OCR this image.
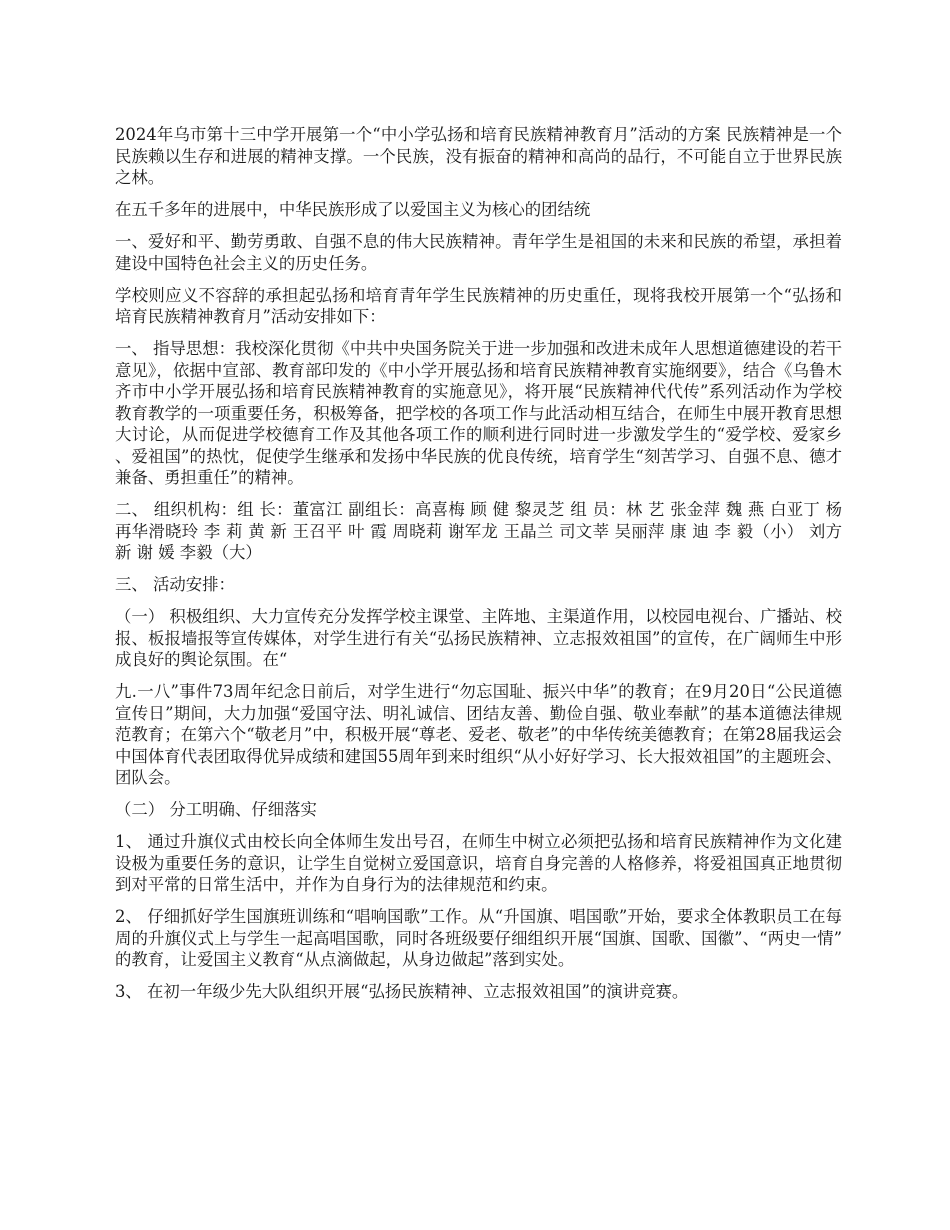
2024年乌市第十三中学开展第一个“中小学弘扬和培育民族精神教育月”活动的方案 民族精神是一个民族赖以生存和进展的精神支撑。一个民族，没有振奋的精神和高尚的品行，不可能自立于世界民族之林。

在五千多年的进展中，中华民族形成了以爱国主义为核心的团结统

一、爱好和平、勤劳勇敢、自强不息的伟大民族精神。青年学生是祖国的未来和民族的希望，承担着建设中国特色社会主义的历史任务。

学校则应义不容辞的承担起弘扬和培育青年学生民族精神的历史重任，现将我校开展第一个“弘扬和培育民族精神教育月”活动安排如下：

一、 指导思想：我校深化贯彻《中共中央国务院关于进一步加强和改进未成年人思想道德建设的若干意见》，依据中宣部、教育部印发的《中小学开展弘扬和培育民族精神教育实施纲要》，结合《乌鲁木齐市中小学开展弘扬和培育民族精神教育的实施意见》，将开展“民族精神代代传”系列活动作为学校教育教学的一项重要任务，积极筹备，把学校的各项工作与此活动相互结合，在师生中展开教育思想大讨论，从而促进学校德育工作及其他各项工作的顺利进行同时进一步激发学生的“爱学校、爱家乡、爱祖国”的热忱，促使学生继承和发扬中华民族的优良传统，培育学生“刻苦学习、自强不息、德才兼备、勇担重任”的精神。

二、 组织机构：组 长：董富江 副组长：高喜梅 顾 健 黎灵芝 组 员：林 艺 张金萍 魏 燕 白亚丁 杨再华滑晓玲 李 莉 黄 新 王召平 叶 霞 周晓莉 谢军龙 王晶兰 司文莘 吴丽萍 康 迪 李 毅（小） 刘方新 谢 媛 李毅（大）

三、 活动安排：

（一） 积极组织、大力宣传充分发挥学校主课堂、主阵地、主渠道作用，以校园电视台、广播站、校报、板报墙报等宣传媒体，对学生进行有关“弘扬民族精神、立志报效祖国”的宣传，在广阔师生中形成良好的舆论氛围。在“

九.一八”事件73周年纪念日前后，对学生进行“勿忘国耻、振兴中华”的教育；在9月20日“公民道德宣传日”期间，大力加强“爱国守法、明礼诚信、团结友善、勤俭自强、敬业奉献”的基本道德法律规范教育；在第六个“敬老月”中，积极开展“尊老、爱老、敬老”的中华传统美德教育；在第28届我运会中国体育代表团取得优异成绩和建国55周年到来时组织“从小好好学习、长大报效祖国”的主题班会、团队会。

（二） 分工明确、仔细落实

1、 通过升旗仪式由校长向全体师生发出号召，在师生中树立必须把弘扬和培育民族精神作为文化建设极为重要任务的意识，让学生自觉树立爱国意识，培育自身完善的人格修养，将爱祖国真正地贯彻到对平常的日常生活中，并作为自身行为的法律规范和约束。

2、 仔细抓好学生国旗班训练和“唱响国歌”工作。从“升国旗、唱国歌”开始，要求全体教职员工在每周的升旗仪式上与学生一起高唱国歌，同时各班级要仔细组织开展“国旗、国歌、国徽”、“两史一情”的教育，让爱国主义教育“从点滴做起，从身边做起”落到实处。

3、 在初一年级少先大队组织开展“弘扬民族精神、立志报效祖国”的演讲竞赛。
